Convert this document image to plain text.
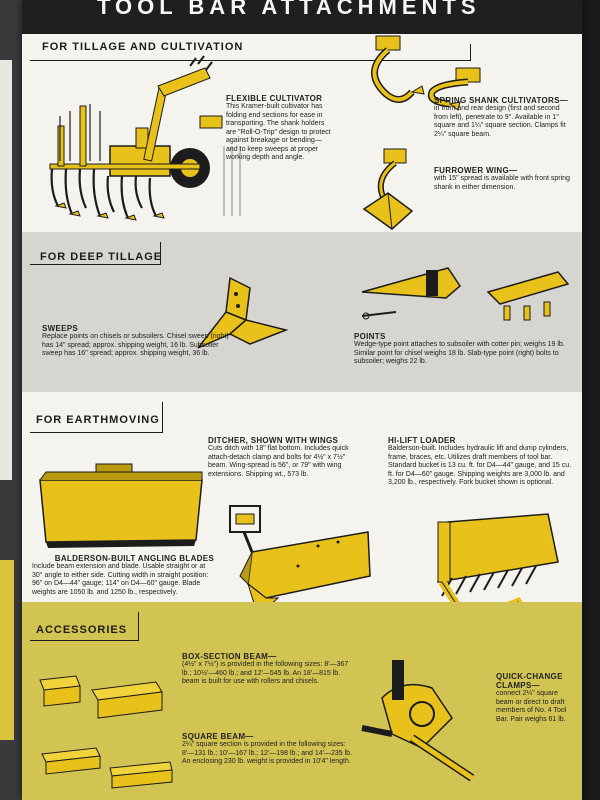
TOOL BAR ATTACHMENTS
FOR TILLAGE AND CULTIVATION
FLEXIBLE CULTIVATOR
This Kramer-built cultivator has folding end sections for ease in transporting. The shank holders are "Roll-O-Trip" design to protect against breakage or bending—and to keep sweeps at proper working depth and angle.
SPRING SHANK CULTIVATORS—
in front and rear design (first and second from left), penetrate to 9". Available in 1" square and 1¼" square section. Clamps fit 2¼" square beam.
FURROWER WING—
with 15" spread is available with front spring shank in either dimension.
FOR DEEP TILLAGE
SWEEPS
Replace points on chisels or subsoilers. Chisel sweep (right) has 14" spread; approx. shipping weight, 16 lb. Subsoiler sweep has 16" spread; approx. shipping weight, 36 lb.
POINTS
Wedge-type point attaches to subsoiler with cotter pin; weighs 19 lb. Similar point for chisel weighs 18 lb. Slab-type point (right) bolts to subsoiler; weighs 22 lb.
FOR EARTHMOVING
DITCHER, SHOWN WITH WINGS
Cuts ditch with 18" flat bottom. Includes quick attach-detach clamp and bolts for 4½" x 7½" beam. Wing-spread is 56", or 79" with wing extensions. Shipping wt., 573 lb.
HI-LIFT LOADER
Balderson-built. Includes hydraulic lift and dump cylinders, frame, braces, etc. Utilizes draft members of tool bar. Standard bucket is 13 cu. ft. for D4—44" gauge, and 15 cu. ft. for D4—60" gauge. Shipping weights are 3,000 lb. and 3,200 lb., respectively. Fork bucket shown is optional.
BALDERSON-BUILT ANGLING BLADES
Include beam extension and blade. Usable straight or at 30° angle to either side. Cutting width in straight position: 96" on D4—44" gauge; 114" on D4—60" gauge. Blade weights are 1050 lb. and 1250 lb., respectively.
ACCESSORIES
BOX-SECTION BEAM—
(4½" x 7½") is provided in the following sizes: 8'—367 lb.; 10½'—460 lb.; and 12'—545 lb. An 18'—815 lb. beam is built for use with rollers and chisels.
SQUARE BEAM—
2¼" square section is provided in the following sizes: 8'—131 lb.; 10'—167 lb.; 12'—198 lb.; and 14'—235 lb. An enclosing 230 lb. weight is provided in 10'4" length.
QUICK-CHANGE CLAMPS—
connect 2¼" square beam or direct to draft members of No. 4 Tool Bar. Pair weighs 61 lb.
